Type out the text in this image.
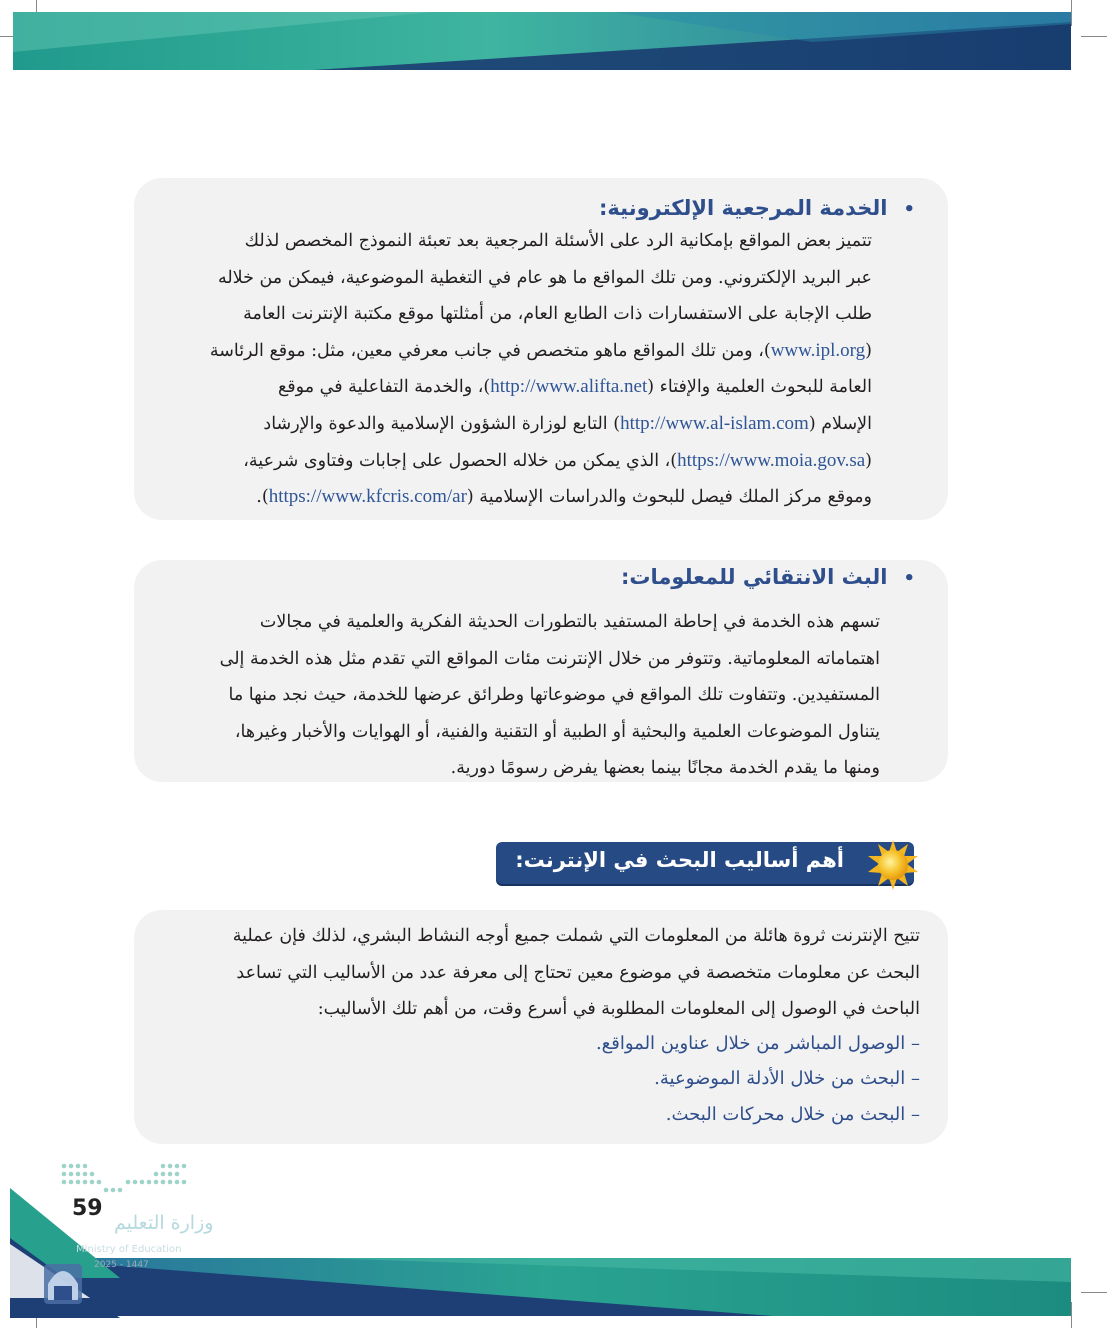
•الخدمة المرجعية الإلكترونية:
تتميز بعض المواقع بإمكانية الرد على الأسئلة المرجعية بعد تعبئة النموذج المخصص لذلك
عبر البريد الإلكتروني. ومن تلك المواقع ما هو عام في التغطية الموضوعية، فيمكن من خلاله
طلب الإجابة على الاستفسارات ذات الطابع العام، من أمثلتها موقع مكتبة الإنترنت العامة
(www.ipl.org)، ومن تلك المواقع ماهو متخصص في جانب معرفي معين، مثل: موقع الرئاسة
العامة للبحوث العلمية والإفتاء (http://www.alifta.net)، والخدمة التفاعلية في موقع
الإسلام (http://www.al-islam.com) التابع لوزارة الشؤون الإسلامية والدعوة والإرشاد
(https://www.moia.gov.sa)، الذي يمكن من خلاله الحصول على إجابات وفتاوى شرعية،
وموقع مركز الملك فيصل للبحوث والدراسات الإسلامية (https://www.kfcris.com/ar).
•البث الانتقائي للمعلومات:
تسهم هذه الخدمة في إحاطة المستفيد بالتطورات الحديثة الفكرية والعلمية في مجالات
اهتماماته المعلوماتية. وتتوفر من خلال الإنترنت مئات المواقع التي تقدم مثل هذه الخدمة إلى
المستفيدين. وتتفاوت تلك المواقع في موضوعاتها وطرائق عرضها للخدمة، حيث نجد منها ما
يتناول الموضوعات العلمية والبحثية أو الطبية أو التقنية والفنية، أو الهوايات والأخبار وغيرها،
ومنها ما يقدم الخدمة مجانًا بينما بعضها يفرض رسومًا دورية.
أهم أساليب البحث في الإنترنت:
تتيح الإنترنت ثروة هائلة من المعلومات التي شملت جميع أوجه النشاط البشري، لذلك فإن عملية
البحث عن معلومات متخصصة في موضوع معين تحتاج إلى معرفة عدد من الأساليب التي تساعد
الباحث في الوصول إلى المعلومات المطلوبة في أسرع وقت، من أهم تلك الأساليب:
– الوصول المباشر من خلال عناوين المواقع.
– البحث من خلال الأدلة الموضوعية.
– البحث من خلال محركات البحث.
59
وزارة التعليم
Ministry of Education
2025 - 1447
